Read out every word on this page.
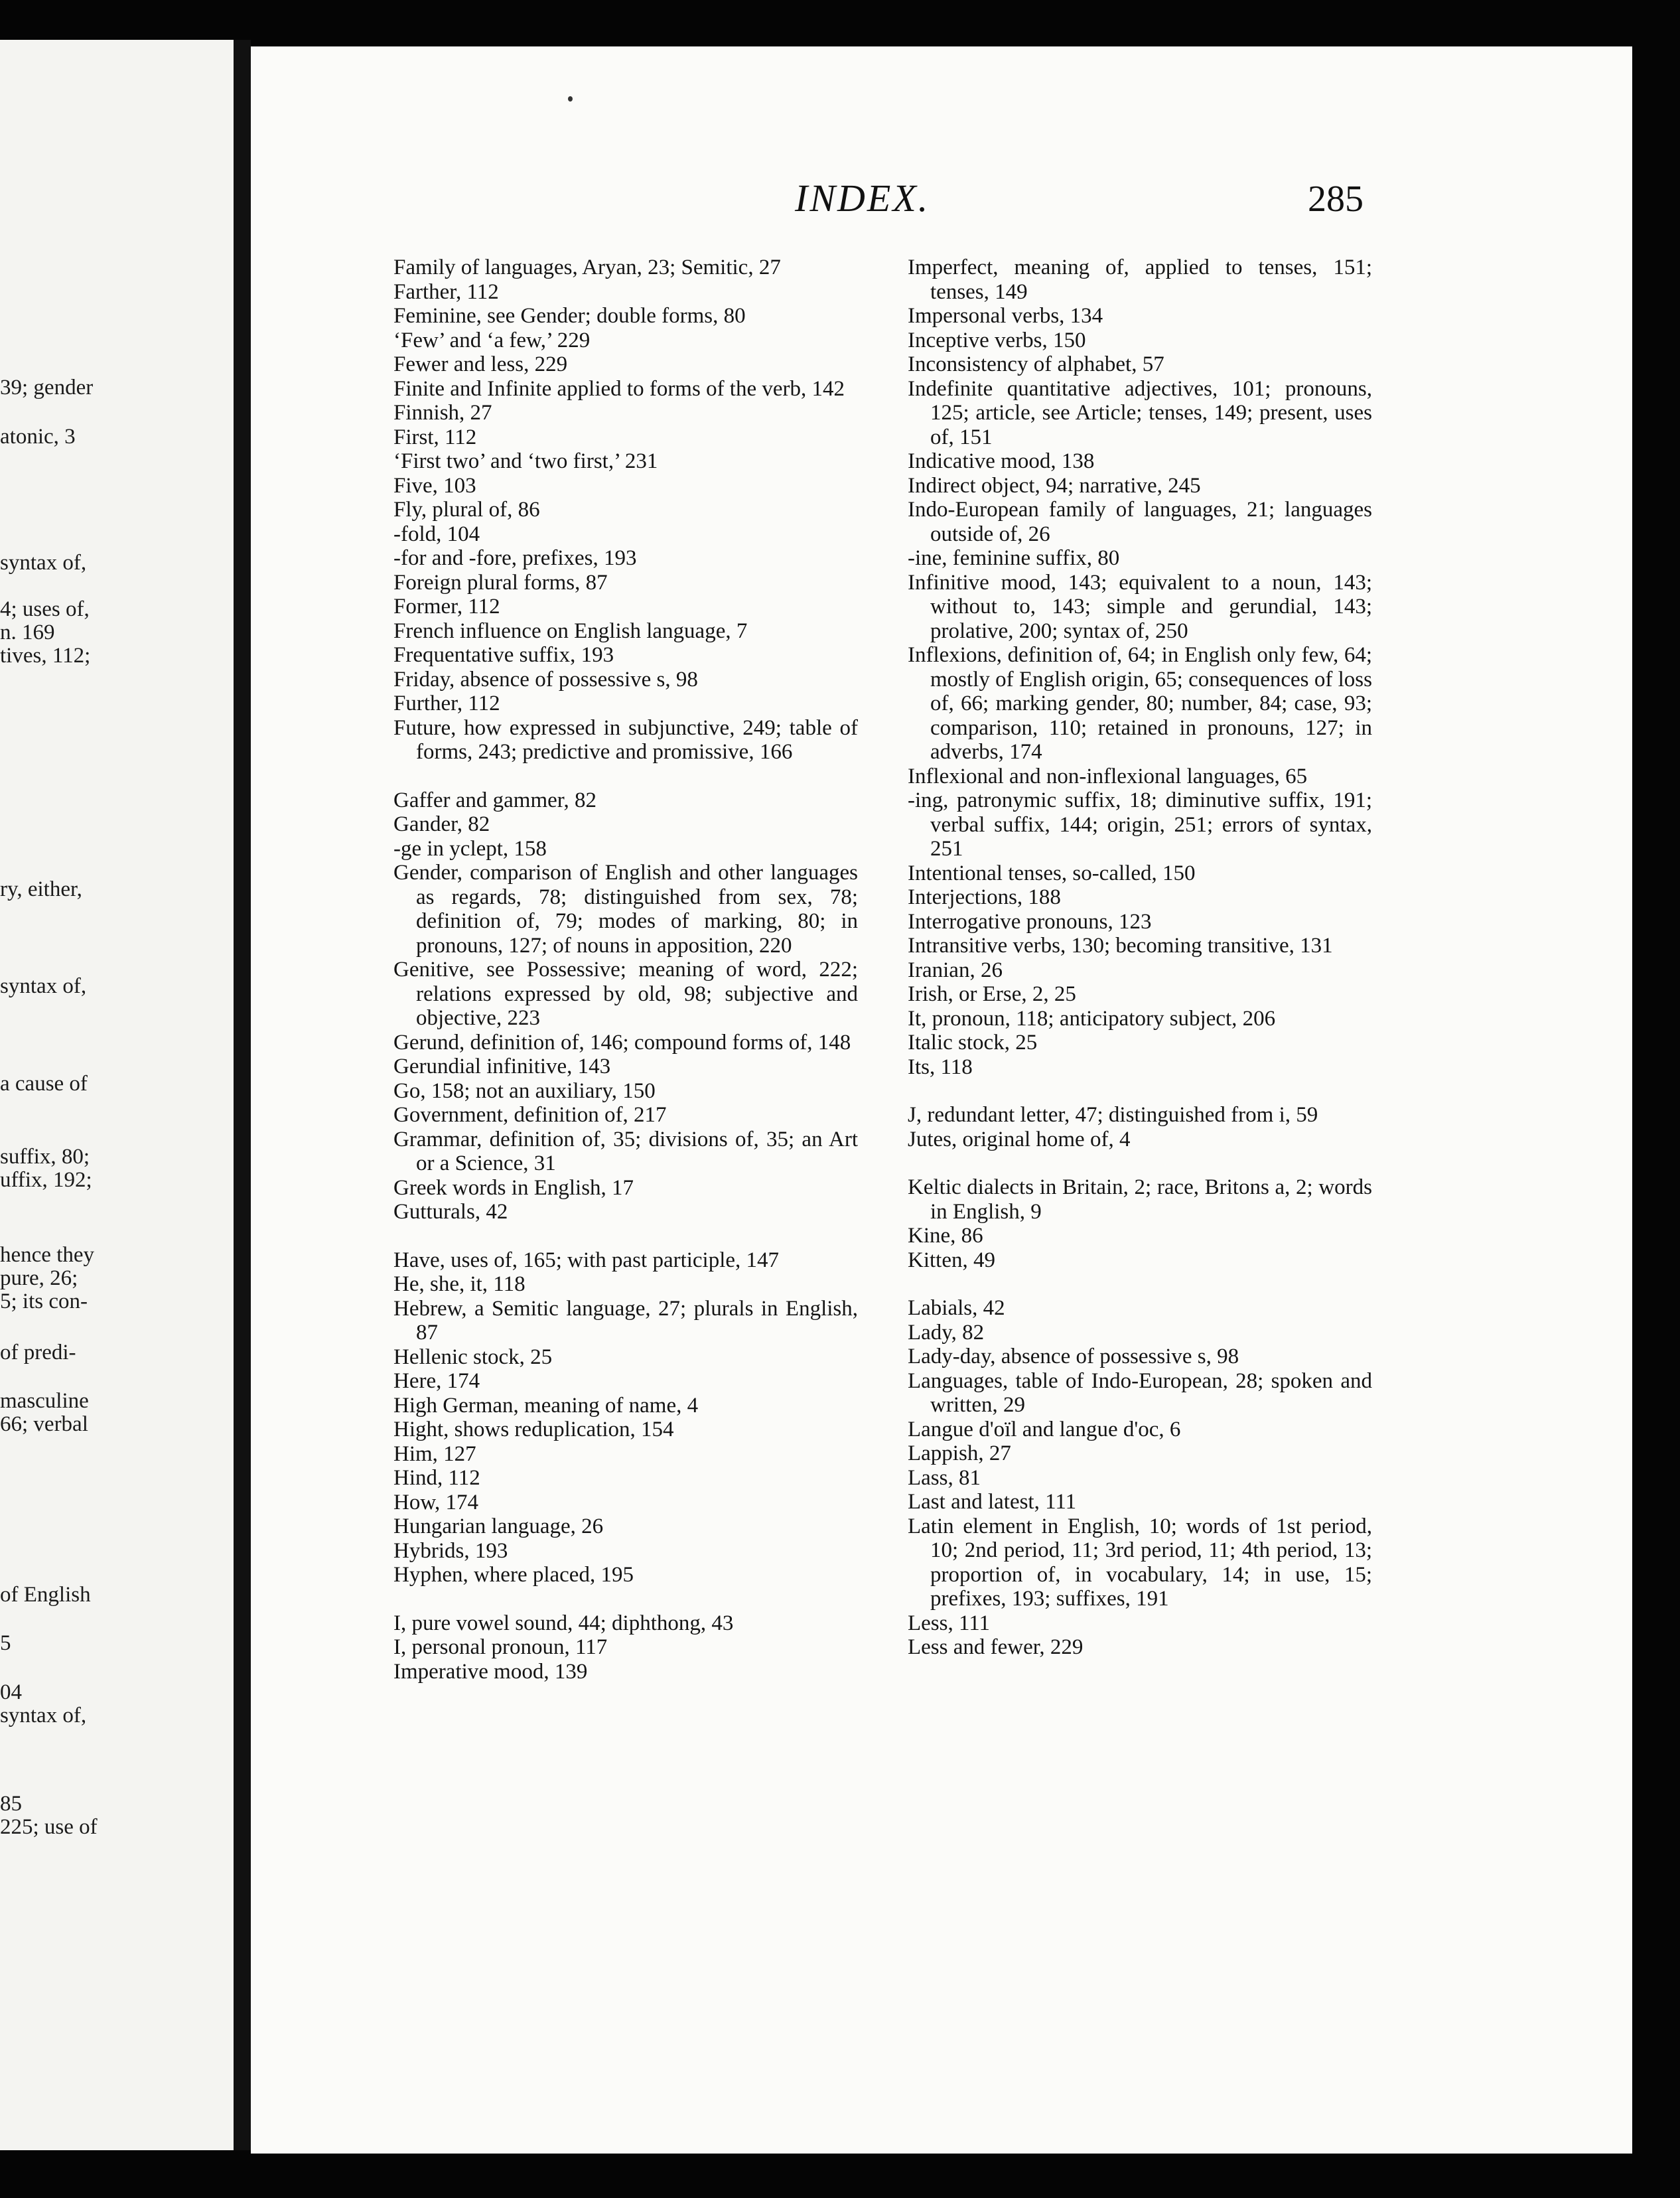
39; gender
atonic, 3
syntax of,
4; uses of,
n. 169
tives, 112;
ry, either,
syntax of,
a cause of
suffix, 80;
uffix, 192;
hence they
pure, 26;
5; its con-
of predi-
masculine
66; verbal
of English
5
04
syntax of,
85
225; use of
INDEX.	285
Family of languages, Aryan, 23; Semitic, 27
Farther, 112
Feminine, see Gender; double forms, 80
‘Few’ and ‘a few,’ 229
Fewer and less, 229
Finite and Infinite applied to forms of the verb, 142
Finnish, 27
First, 112
‘First two’ and ‘two first,’ 231
Five, 103
Fly, plural of, 86
-fold, 104
-for and -fore, prefixes, 193
Foreign plural forms, 87
Former, 112
French influence on English language, 7
Frequentative suffix, 193
Friday, absence of possessive s, 98
Further, 112
Future, how expressed in subjunctive, 249; table of forms, 243; predictive and promissive, 166
Gaffer and gammer, 82
Gander, 82
-ge in yclept, 158
Gender, comparison of English and other languages as regards, 78; distinguished from sex, 78; definition of, 79; modes of marking, 80; in pronouns, 127; of nouns in apposition, 220
Genitive, see Possessive; meaning of word, 222; relations expressed by old, 98; subjective and objective, 223
Gerund, definition of, 146; compound forms of, 148
Gerundial infinitive, 143
Go, 158; not an auxiliary, 150
Government, definition of, 217
Grammar, definition of, 35; divisions of, 35; an Art or a Science, 31
Greek words in English, 17
Gutturals, 42
Have, uses of, 165; with past participle, 147
He, she, it, 118
Hebrew, a Semitic language, 27; plurals in English, 87
Hellenic stock, 25
Here, 174
High German, meaning of name, 4
Hight, shows reduplication, 154
Him, 127
Hind, 112
How, 174
Hungarian language, 26
Hybrids, 193
Hyphen, where placed, 195
I, pure vowel sound, 44; diphthong, 43
I, personal pronoun, 117
Imperative mood, 139
Imperfect, meaning of, applied to tenses, 151; tenses, 149
Impersonal verbs, 134
Inceptive verbs, 150
Inconsistency of alphabet, 57
Indefinite quantitative adjectives, 101; pronouns, 125; article, see Article; tenses, 149; present, uses of, 151
Indicative mood, 138
Indirect object, 94; narrative, 245
Indo-European family of languages, 21; languages outside of, 26
-ine, feminine suffix, 80
Infinitive mood, 143; equivalent to a noun, 143; without to, 143; simple and gerundial, 143; prolative, 200; syntax of, 250
Inflexions, definition of, 64; in English only few, 64; mostly of English origin, 65; consequences of loss of, 66; marking gender, 80; number, 84; case, 93; comparison, 110; retained in pronouns, 127; in adverbs, 174
Inflexional and non-inflexional languages, 65
-ing, patronymic suffix, 18; diminutive suffix, 191; verbal suffix, 144; origin, 251; errors of syntax, 251
Intentional tenses, so-called, 150
Interjections, 188
Interrogative pronouns, 123
Intransitive verbs, 130; becoming transitive, 131
Iranian, 26
Irish, or Erse, 2, 25
It, pronoun, 118; anticipatory subject, 206
Italic stock, 25
Its, 118
J, redundant letter, 47; distinguished from i, 59
Jutes, original home of, 4
Keltic dialects in Britain, 2; race, Britons a, 2; words in English, 9
Kine, 86
Kitten, 49
Labials, 42
Lady, 82
Lady-day, absence of possessive s, 98
Languages, table of Indo-European, 28; spoken and written, 29
Langue d'oïl and langue d'oc, 6
Lappish, 27
Lass, 81
Last and latest, 111
Latin element in English, 10; words of 1st period, 10; 2nd period, 11; 3rd period, 11; 4th period, 13; proportion of, in vocabulary, 14; in use, 15; prefixes, 193; suffixes, 191
Less, 111
Less and fewer, 229
